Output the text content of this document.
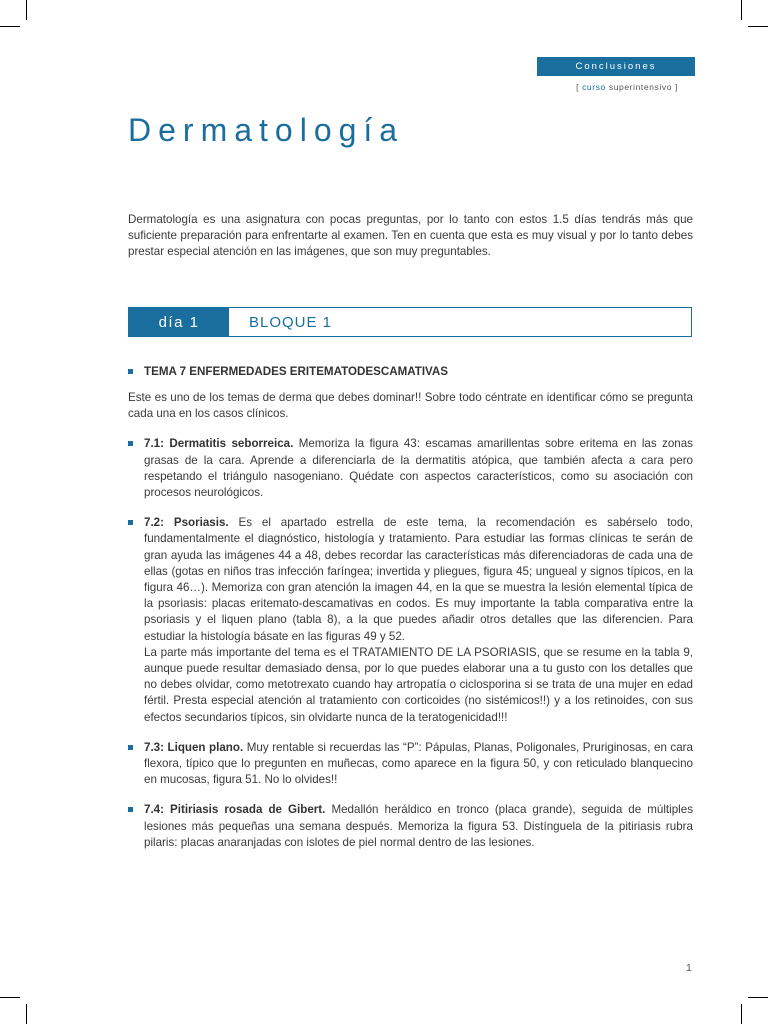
Conclusiones
[ curso superintensivo ]
Dermatología

Dermatología es una asignatura con pocas preguntas, por lo tanto con estos 1.5 días tendrás más que suficiente preparación para enfrentarte al examen. Ten en cuenta que esta es muy visual y por lo tanto debes prestar especial atención en las imágenes, que son muy preguntables.

día 1	BLOQUE 1
TEMA 7 ENFERMEDADES ERITEMATODESCAMATIVAS

Este es uno de los temas de derma que debes dominar!! Sobre todo céntrate en identificar cómo se pregunta cada una en los casos clínicos.

7.1: Dermatitis seborreica. Memoriza la figura 43: escamas amarillentas sobre eritema en las zonas grasas de la cara. Aprende a diferenciarla de la dermatitis atópica, que también afecta a cara pero respetando el triángulo nasogeniano. Quédate con aspectos característicos, como su asociación con procesos neurológicos.
7.2: Psoriasis. Es el apartado estrella de este tema, la recomendación es sabérselo todo, fundamentalmente el diagnóstico, histología y tratamiento. Para estudiar las formas clínicas te serán de gran ayuda las imágenes 44 a 48, debes recordar las características más diferenciadoras de cada una de ellas (gotas en niños tras infección faríngea; invertida y pliegues, figura 45; ungueal y signos típicos, en la figura 46…). Memoriza con gran atención la imagen 44, en la que se muestra la lesión elemental típica de la psoriasis: placas eritemato-descamativas en codos. Es muy importante la tabla comparativa entre la psoriasis y el liquen plano (tabla 8), a la que puedes añadir otros detalles que las diferencien. Para estudiar la histología básate en las figuras 49 y 52.
La parte más importante del tema es el TRATAMIENTO DE LA PSORIASIS, que se resume en la tabla 9, aunque puede resultar demasiado densa, por lo que puedes elaborar una a tu gusto con los detalles que no debes olvidar, como metotrexato cuando hay artropatía o ciclosporina si se trata de una mujer en edad fértil. Presta especial atención al tratamiento con corticoides (no sistémicos!!) y a los retinoides, con sus efectos secundarios típicos, sin olvidarte nunca de la teratogenicidad!!!
7.3: Liquen plano. Muy rentable si recuerdas las “P”: Pápulas, Planas, Poligonales, Pruriginosas, en cara flexora, típico que lo pregunten en muñecas, como aparece en la figura 50, y con reticulado blanquecino en mucosas, figura 51. No lo olvides!!
7.4: Pitiriasis rosada de Gibert. Medallón heráldico en tronco (placa grande), seguida de múltiples lesiones más pequeñas una semana después. Memoriza la figura 53. Distínguela de la pitiriasis rubra pilaris: placas anaranjadas con islotes de piel normal dentro de las lesiones.
1
